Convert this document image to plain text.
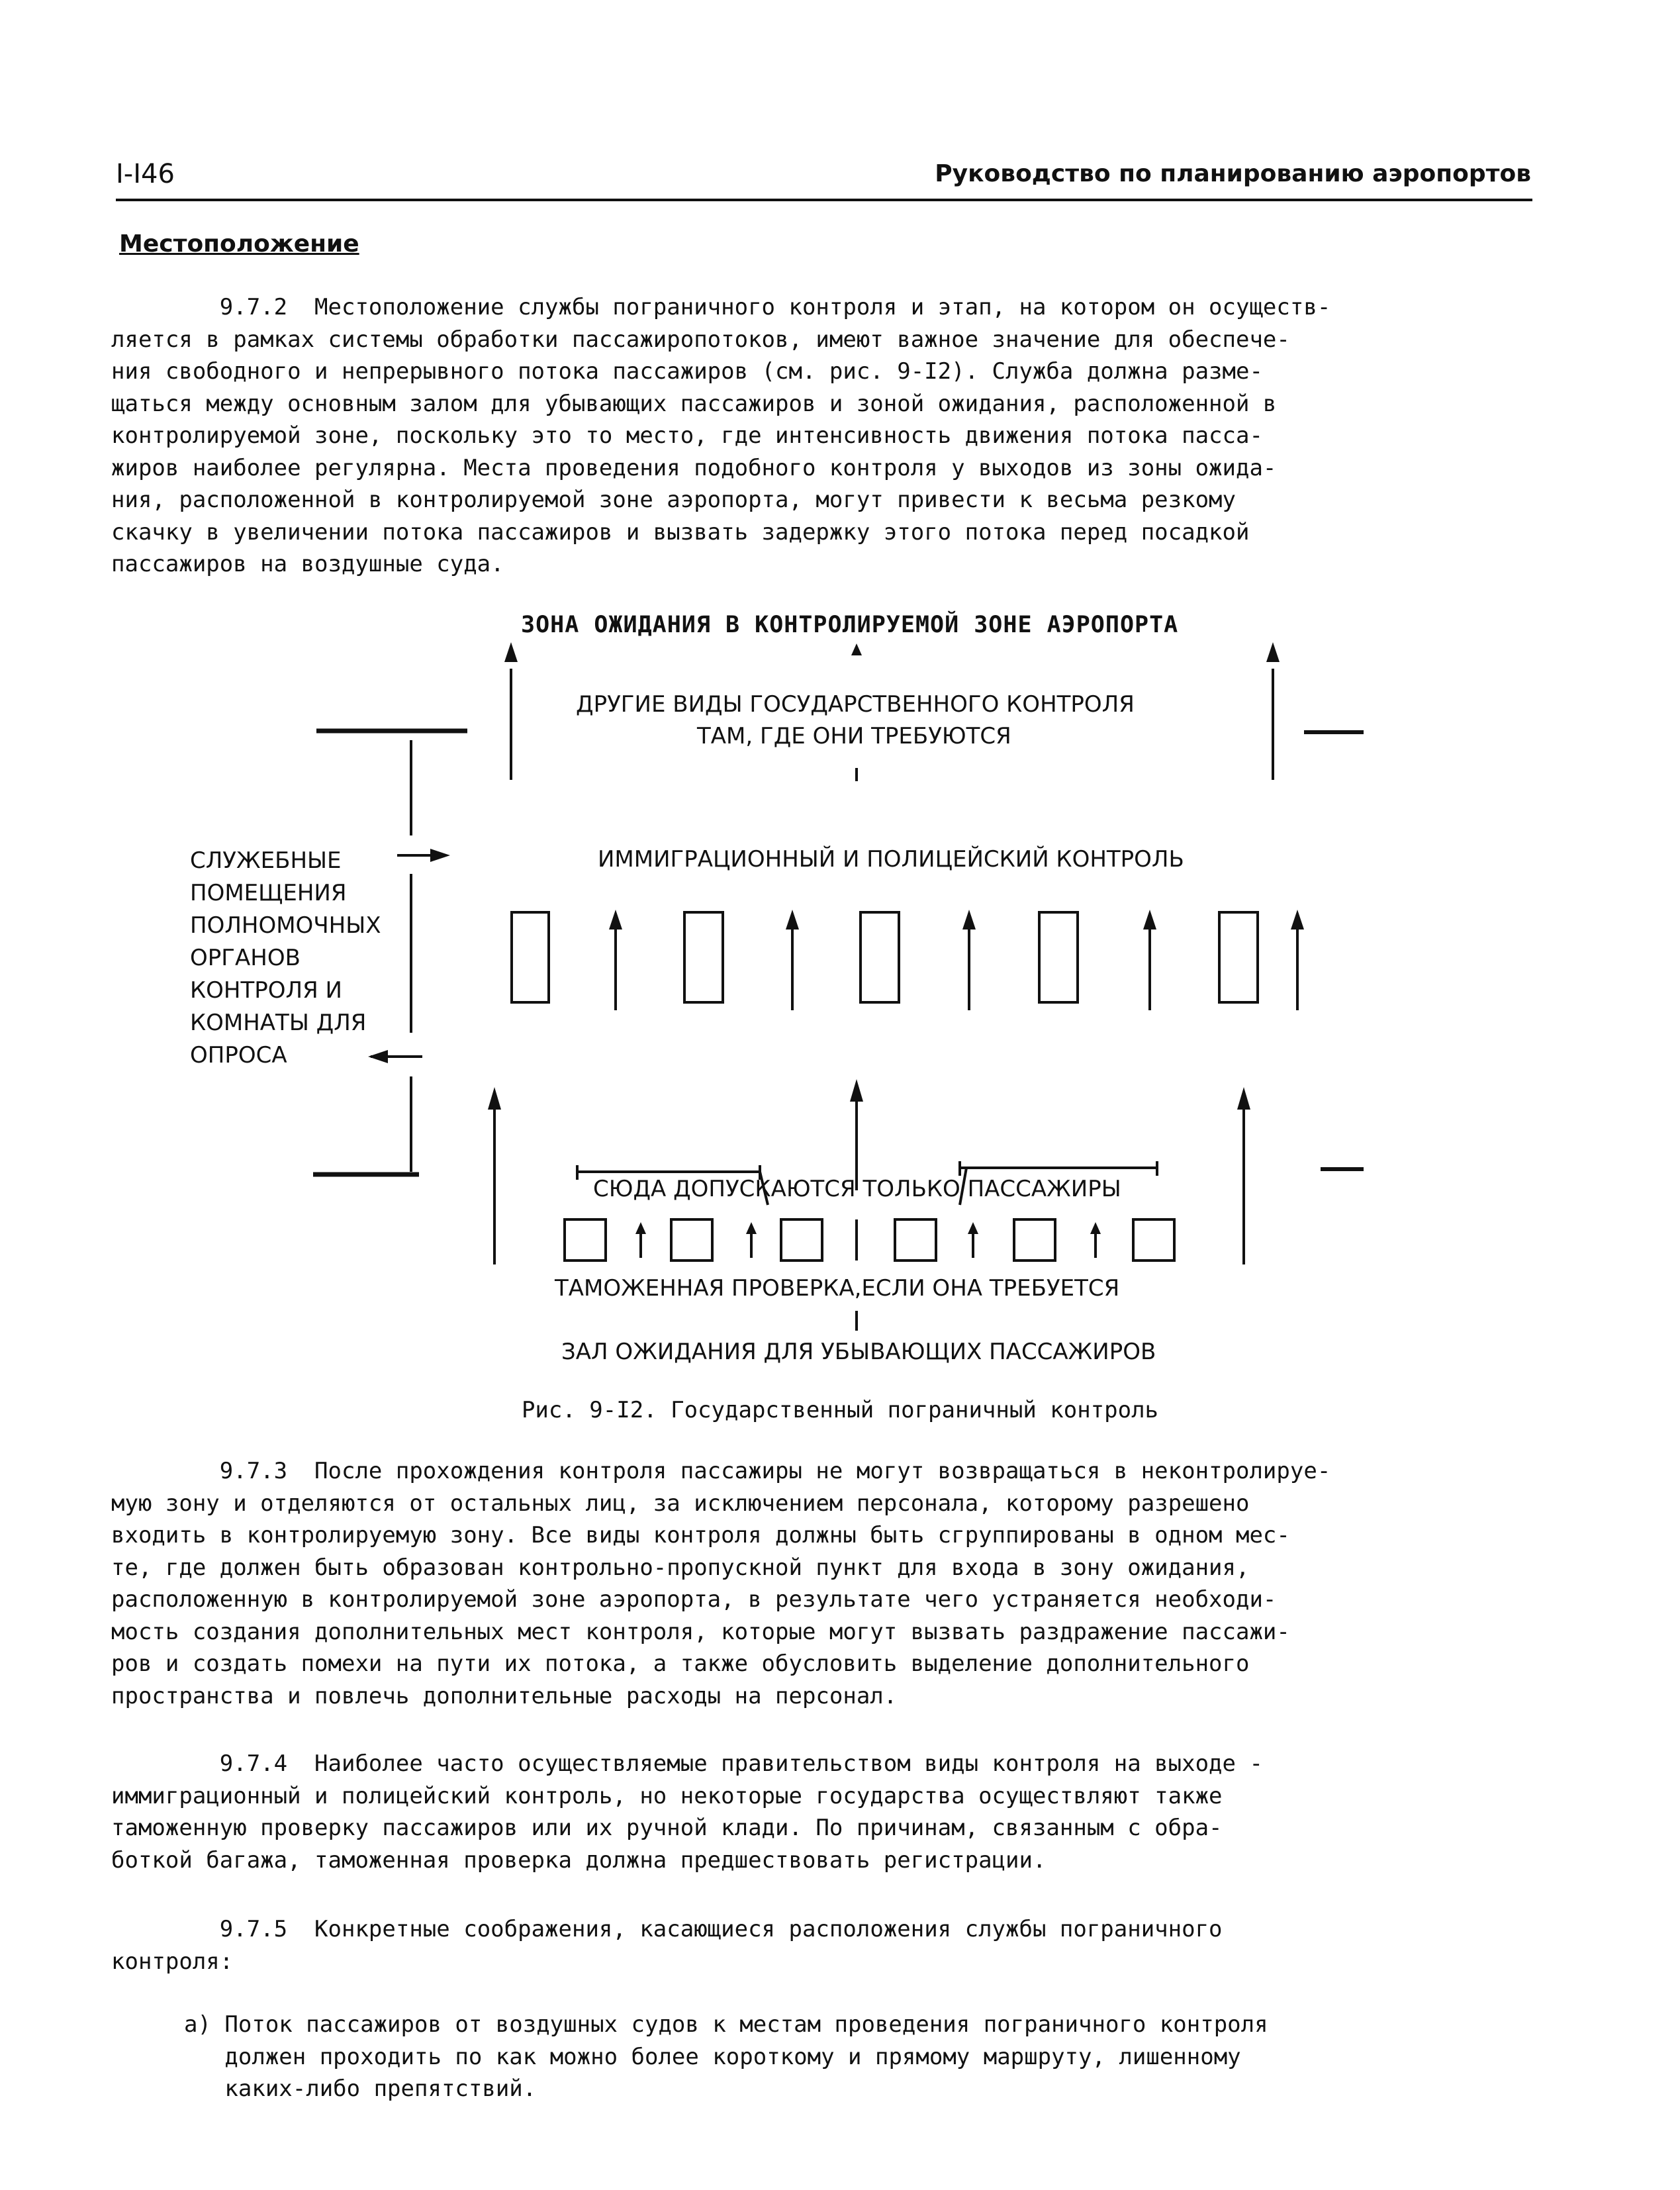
I-I46	Руководство по планированию аэропортов
Местоположение
9.7.2  Местоположение службы пограничного контроля и этап, на котором он осуществ-
ляется в рамках системы обработки пассажиропотоков, имеют важное значение для обеспече-
ния свободного и непрерывного потока пассажиров (см. рис. 9-I2). Служба должна разме-
щаться между основным залом для убывающих пассажиров и зоной ожидания, расположенной в
контролируемой зоне, поскольку это то место, где интенсивность движения потока пасса-
жиров наиболее регулярна. Места проведения подобного контроля у выходов из зоны ожида-
ния, расположенной в контролируемой зоне аэропорта, могут привести к весьма резкому
скачку в увеличении потока пассажиров и вызвать задержку этого потока перед посадкой
пассажиров на воздушные суда.
ЗОНА ОЖИДАНИЯ В КОНТРОЛИРУЕМОЙ ЗОНЕ АЭРОПОРТА
ДРУГИЕ ВИДЫ ГОСУДАРСТВЕННОГО КОНТРОЛЯ
ТАМ, ГДЕ ОНИ ТРЕБУЮТСЯ
ИММИГРАЦИОННЫЙ И ПОЛИЦЕЙСКИЙ КОНТРОЛЬ
СЛУЖЕБНЫЕ
ПОМЕЩЕНИЯ
ПОЛНОМОЧНЫХ
ОРГАНОВ
КОНТРОЛЯ И
КОМНАТЫ ДЛЯ
ОПРОСА
СЮДА ДОПУСКАЮТСЯ ТОЛЬКО ПАССАЖИРЫ
ТАМОЖЕННАЯ ПРОВЕРКА,ЕСЛИ ОНА ТРЕБУЕТСЯ
ЗАЛ ОЖИДАНИЯ ДЛЯ УБЫВАЮЩИХ ПАССАЖИРОВ
Рис. 9-I2. Государственный пограничный контроль
9.7.3  После прохождения контроля пассажиры не могут возвращаться в неконтролируе-
мую зону и отделяются от остальных лиц, за исключением персонала, которому разрешено
входить в контролируемую зону. Все виды контроля должны быть сгруппированы в одном мес-
те, где должен быть образован контрольно-пропускной пункт для входа в зону ожидания,
расположенную в контролируемой зоне аэропорта, в результате чего устраняется необходи-
мость создания дополнительных мест контроля, которые могут вызвать раздражение пассажи-
ров и создать помехи на пути их потока, а также обусловить выделение дополнительного
пространства и повлечь дополнительные расходы на персонал.
9.7.4  Наиболее часто осуществляемые правительством виды контроля на выходе -
иммиграционный и полицейский контроль, но некоторые государства осуществляют также
таможенную проверку пассажиров или их ручной клади. По причинам, связанным с обра-
боткой багажа, таможенная проверка должна предшествовать регистрации.
9.7.5  Конкретные соображения, касающиеся расположения службы пограничного
контроля:
а) Поток пассажиров от воздушных судов к местам проведения пограничного контроля
должен проходить по как можно более короткому и прямому маршруту, лишенному
каких-либо препятствий.
